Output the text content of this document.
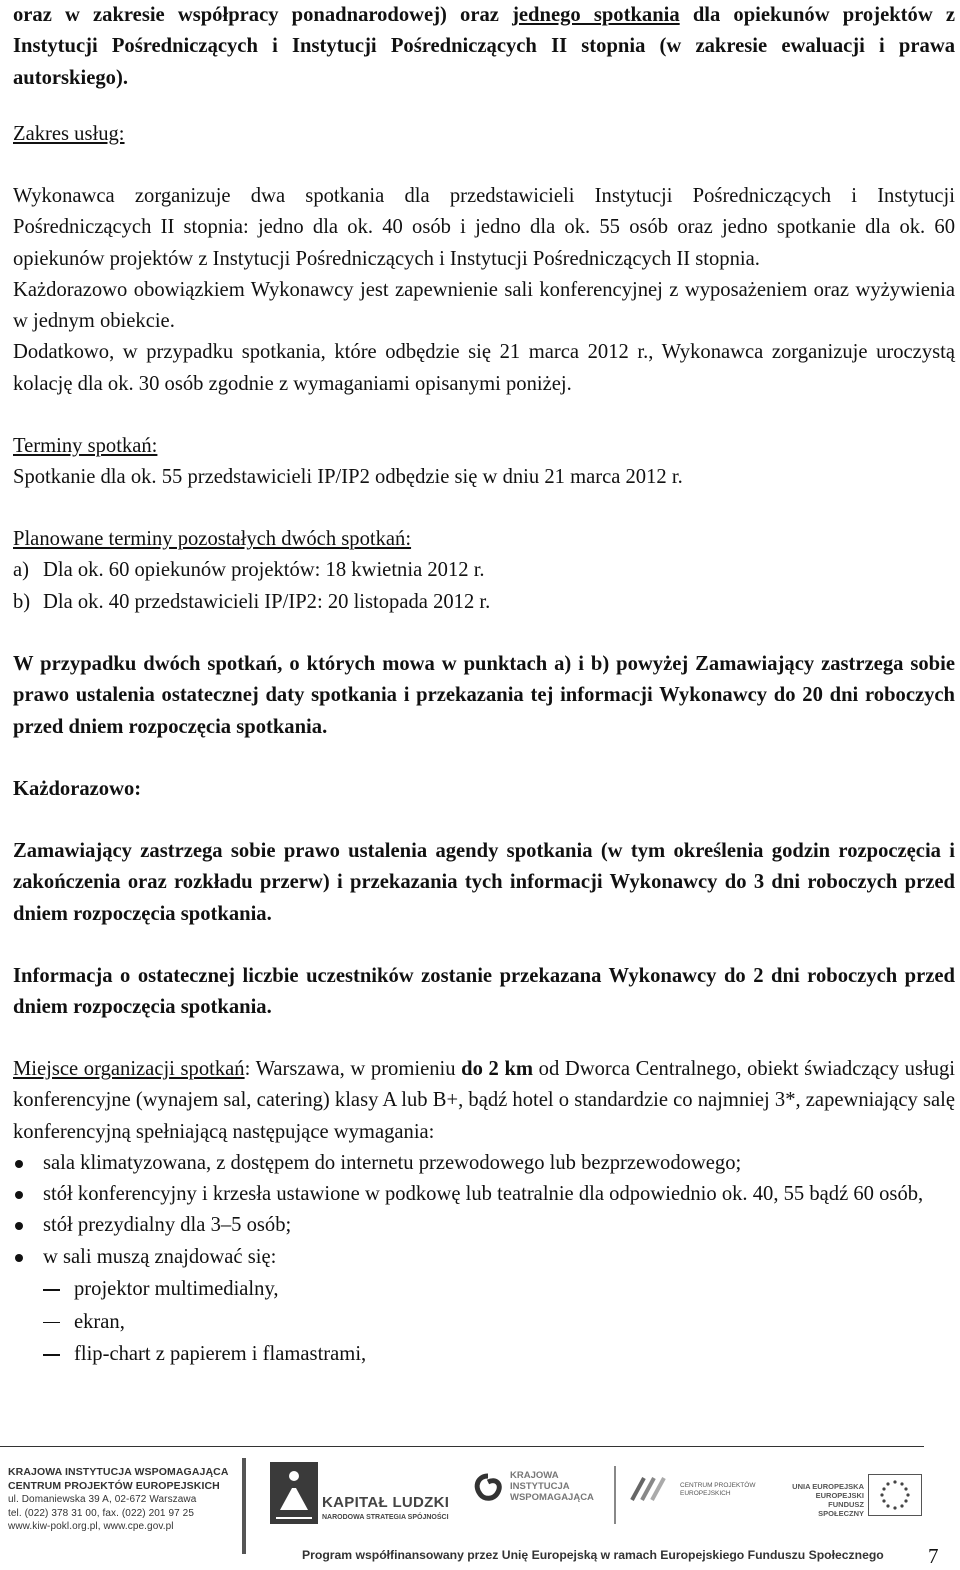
oraz w zakresie współpracy ponadnarodowej) oraz jednego spotkania dla opiekunów projektów z Instytucji Pośredniczących i Instytucji Pośredniczących II stopnia (w zakresie ewaluacji i prawa autorskiego).

Zakres usług:

Wykonawca zorganizuje dwa spotkania dla przedstawicieli Instytucji Pośredniczących i Instytucji Pośredniczących II stopnia: jedno dla ok. 40 osób i jedno dla ok. 55 osób oraz jedno spotkanie dla ok. 60 opiekunów projektów z Instytucji Pośredniczących i Instytucji Pośredniczących II stopnia.

Każdorazowo obowiązkiem Wykonawcy jest zapewnienie sali konferencyjnej z wyposażeniem oraz wyżywienia w jednym obiekcie.

Dodatkowo, w przypadku spotkania, które odbędzie się 21 marca 2012 r., Wykonawca zorganizuje uroczystą kolację dla ok. 30 osób zgodnie z wymaganiami opisanymi poniżej.

Terminy spotkań:

Spotkanie dla ok. 55 przedstawicieli IP/IP2 odbędzie się w dniu 21 marca 2012 r.

Planowane terminy pozostałych dwóch spotkań:

a) Dla ok. 60 opiekunów projektów: 18 kwietnia 2012 r.

b) Dla ok. 40 przedstawicieli IP/IP2: 20 listopada 2012 r.

W przypadku dwóch spotkań, o których mowa w punktach a) i b) powyżej Zamawiający zastrzega sobie prawo ustalenia ostatecznej daty spotkania i przekazania tej informacji Wykonawcy do 20 dni roboczych przed dniem rozpoczęcia spotkania.

Każdorazowo:

Zamawiający zastrzega sobie prawo ustalenia agendy spotkania (w tym określenia godzin rozpoczęcia i zakończenia oraz rozkładu przerw) i przekazania tych informacji Wykonawcy do 3 dni roboczych przed dniem rozpoczęcia spotkania.

Informacja o ostatecznej liczbie uczestników zostanie przekazana Wykonawcy do 2 dni roboczych przed dniem rozpoczęcia spotkania.

Miejsce organizacji spotkań: Warszawa, w promieniu do 2 km od Dworca Centralnego, obiekt świadczący usługi konferencyjne (wynajem sal, catering) klasy A lub B+, bądź hotel o standardzie co najmniej 3*, zapewniający salę konferencyjną spełniającą następujące wymagania:

sala klimatyzowana, z dostępem do internetu przewodowego lub bezprzewodowego;
stół konferencyjny i krzesła ustawione w podkowę lub teatralnie dla odpowiednio ok. 40, 55 bądź 60 osób,
stół prezydialny dla 3–5 osób;
w sali muszą znajdować się:
projektor multimedialny,
ekran,
flip-chart z papierem i flamastrami,
KRAJOWA INSTYTUCJA WSPOMAGAJĄCA
CENTRUM PROJEKTÓW EUROPEJSKICH
ul. Domaniewska 39 A, 02-672 Warszawa
tel. (022) 378 31 00, fax. (022) 201 97 25
www.kiw-pokl.org.pl, www.cpe.gov.pl
KAPITAŁ LUDZKI
NARODOWA STRATEGIA SPÓJNOŚCI
KRAJOWA
INSTYTUCJA
WSPOMAGAJĄCA
CENTRUM PROJEKTÓW
EUROPEJSKICH
UNIA EUROPEJSKA
EUROPEJSKI
FUNDUSZ SPOŁECZNY
Program współfinansowany przez Unię Europejską w ramach Europejskiego Funduszu Społecznego 7
